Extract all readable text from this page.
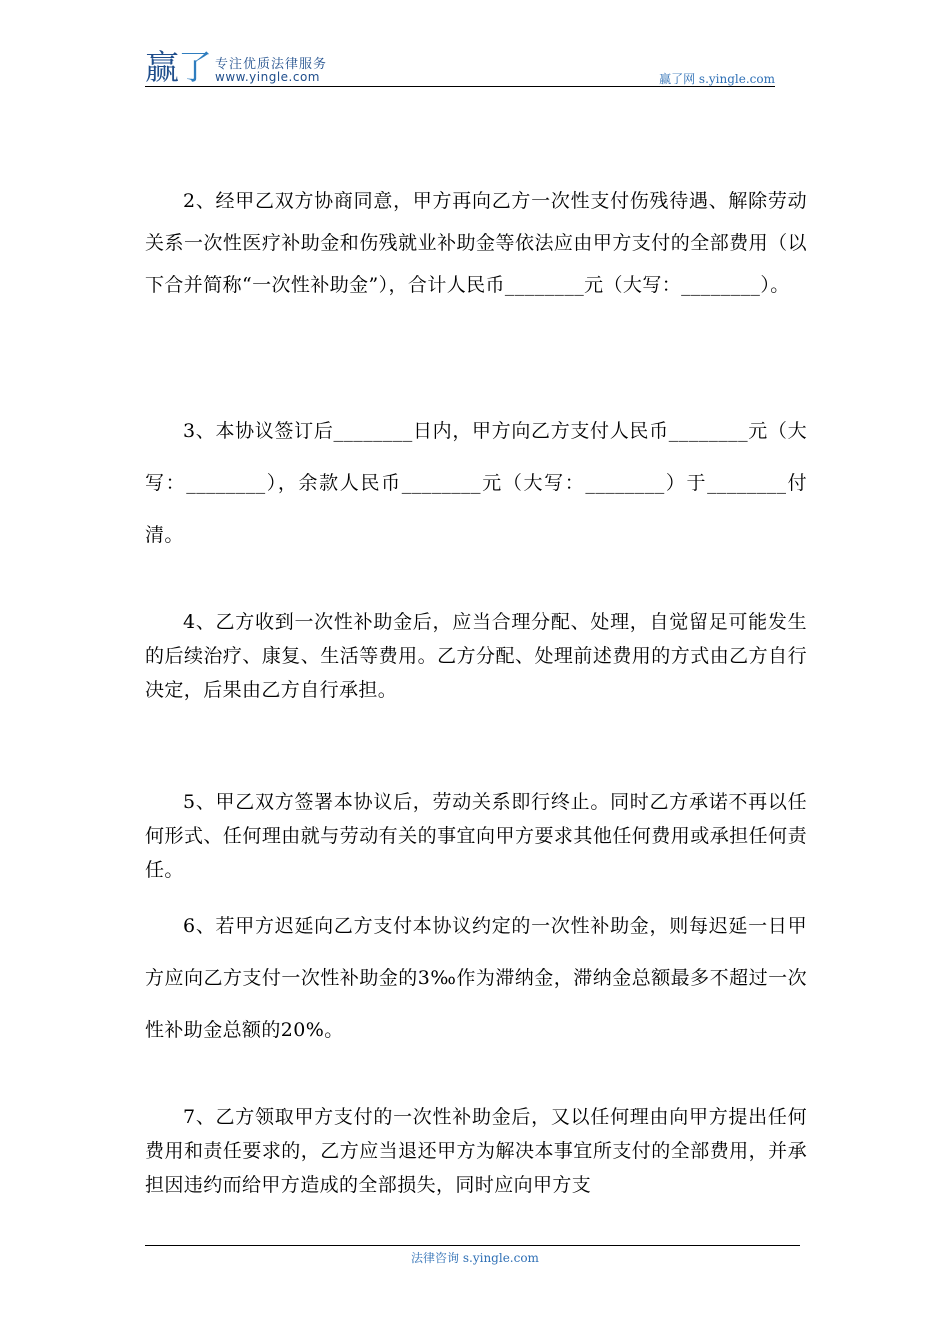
赢了 专注优质法律服务
www.yingle.com	赢了网 s.yingle.com

2、经甲乙双方协商同意，甲方再向乙方一次性支付伤残待遇、解除劳动关系一次性医疗补助金和伤残就业补助金等依法应由甲方支付的全部费用（以下合并简称“一次性补助金”），合计人民币________元（大写：________）。

3、本协议签订后________日内，甲方向乙方支付人民币________元（大写：________），余款人民币________元（大写：________）于________付清。

4、乙方收到一次性补助金后，应当合理分配、处理，自觉留足可能发生的后续治疗、康复、生活等费用。乙方分配、处理前述费用的方式由乙方自行决定，后果由乙方自行承担。

5、甲乙双方签署本协议后，劳动关系即行终止。同时乙方承诺不再以任何形式、任何理由就与劳动有关的事宜向甲方要求其他任何费用或承担任何责任。

6、若甲方迟延向乙方支付本协议约定的一次性补助金，则每迟延一日甲方应向乙方支付一次性补助金的3‰作为滞纳金，滞纳金总额最多不超过一次性补助金总额的20%。

7、乙方领取甲方支付的一次性补助金后，又以任何理由向甲方提出任何费用和责任要求的，乙方应当退还甲方为解决本事宜所支付的全部费用，并承担因违约而给甲方造成的全部损失，同时应向甲方支

法律咨询 s.yingle.com
